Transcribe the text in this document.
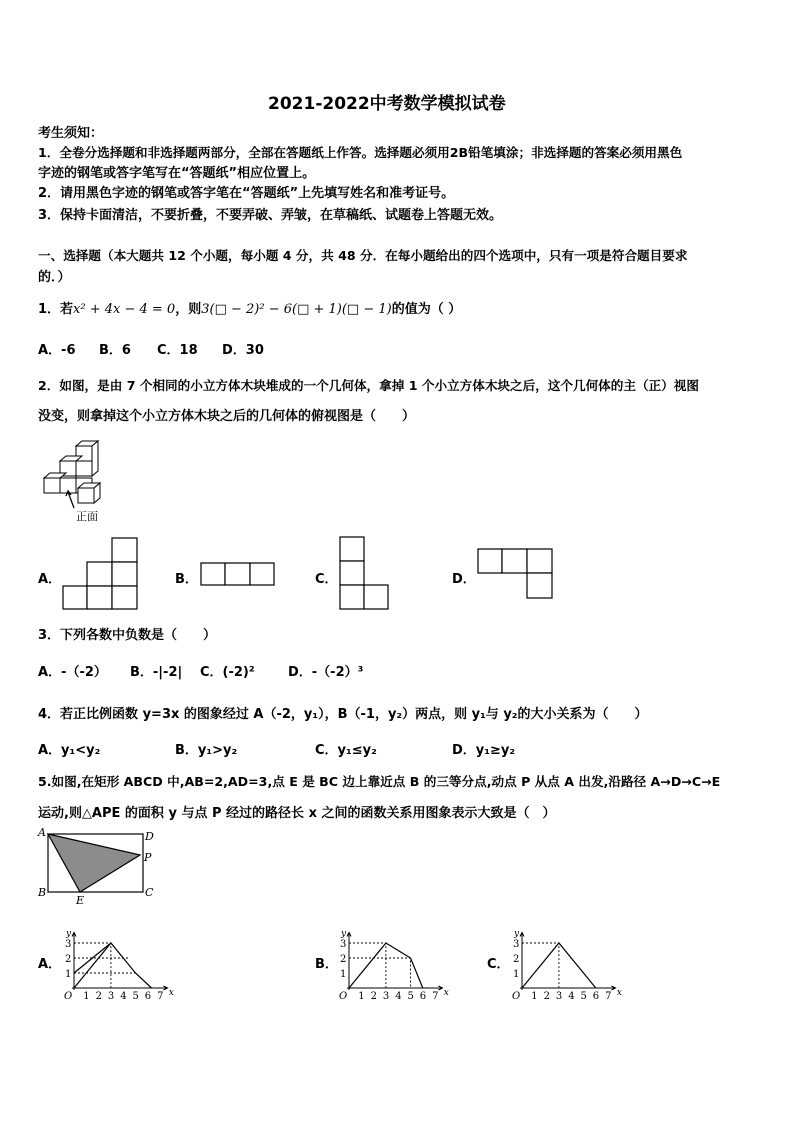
2021-2022中考数学模拟试卷
考生须知：
1．全卷分选择题和非选择题两部分，全部在答题纸上作答。选择题必须用2B铅笔填涂；非选择题的答案必须用黑色
字迹的钢笔或答字笔写在“答题纸”相应位置上。
2．请用黑色字迹的钢笔或答字笔在“答题纸”上先填写姓名和准考证号。
3．保持卡面清洁，不要折叠，不要弄破、弄皱，在草稿纸、试题卷上答题无效。
一、选择题（本大题共 12 个小题，每小题 4 分，共 48 分．在每小题给出的四个选项中，只有一项是符合题目要求
的．）
1．若x² + 4x − 4 = 0，则3(□ − 2)² − 6(□ + 1)(□ − 1)的值为（ ）
A．-6 B．6 C．18 D．30
2．如图，是由 7 个相同的小立方体木块堆成的一个几何体，拿掉 1 个小立方体木块之后，这个几何体的主（正）视图
没变，则拿掉这个小立方体木块之后的几何体的俯视图是（　　）
正面
A．	B．	C．	D．
3．下列各数中负数是（　　）
A．-（-2） B．-|-2| C．(-2)²	D．-（-2）³
4．若正比例函数 y=3x 的图象经过 A（-2，y₁），B（-1，y₂）两点，则 y₁与 y₂的大小关系为（　　）
A．y₁<y₂	B．y₁>y₂	C．y₁≤y₂	D．y₁≥y₂
5.如图,在矩形 ABCD 中,AB=2,AD=3,点 E 是 BC 边上靠近点 B 的三等分点,动点 P 从点 A 出发,沿路径 A→D→C→E
运动,则△APE 的面积 y 与点 P 经过的路径长 x 之间的函数关系用图象表示大致是（　）
A	D
P
B	C
E
A．	B．	C．
x
y
O 1 2 3 4 5 6 7
1
2
3
x
y
O 1 2 3 4 5 6 7
1
2
3
x
y
O 1 2 3 4 5 6 7
1
2
3
